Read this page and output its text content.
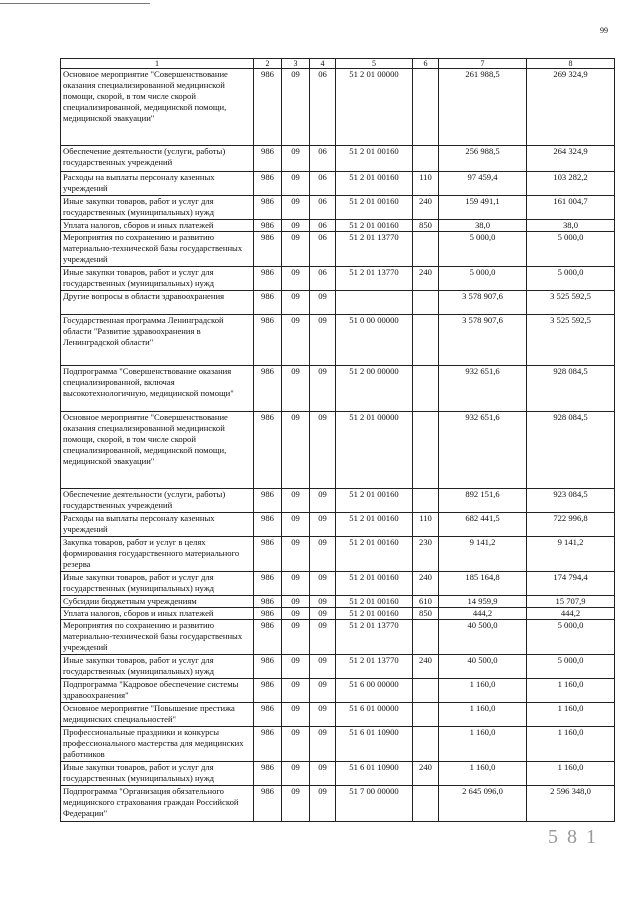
99
1	2	3	4	5	6	7	8
Основное мероприятие "Совершенствование оказания специализированной медицинской помощи, скорой, в том числе скорой специализированной, медицинской помощи, медицинской эвакуации"	986	09	06	51 2 01 00000		261 988,5	269 324,9
Обеспечение деятельности (услуги, работы) государственных учреждений	986	09	06	51 2 01 00160		256 988,5	264 324,9
Расходы на выплаты персоналу казенных учреждений	986	09	06	51 2 01 00160	110	97 459,4	103 282,2
Иные закупки товаров, работ и услуг для государственных (муниципальных) нужд	986	09	06	51 2 01 00160	240	159 491,1	161 004,7
Уплата налогов, сборов и иных платежей	986	09	06	51 2 01 00160	850	38,0	38,0
Мероприятия по сохранению и развитию материально-технической базы государственных учреждений	986	09	06	51 2 01 13770		5 000,0	5 000,0
Иные закупки товаров, работ и услуг для государственных (муниципальных) нужд	986	09	06	51 2 01 13770	240	5 000,0	5 000,0
Другие вопросы в области здравоохранения	986	09	09			3 578 907,6	3 525 592,5
Государственная программа Ленинградской области "Развитие здравоохранения в Ленинградской области"	986	09	09	51 0 00 00000		3 578 907,6	3 525 592,5
Подпрограмма "Совершенствование оказания специализированной, включая высокотехнологичную, медицинской помощи"	986	09	09	51 2 00 00000		932 651,6	928 084,5
Основное мероприятие "Совершенствование оказания специализированной медицинской помощи, скорой, в том числе скорой специализированной, медицинской помощи, медицинской эвакуации"	986	09	09	51 2 01 00000		932 651,6	928 084,5
Обеспечение деятельности (услуги, работы) государственных учреждений	986	09	09	51 2 01 00160		892 151,6	923 084,5
Расходы на выплаты персоналу казенных учреждений	986	09	09	51 2 01 00160	110	682 441,5	722 996,8
Закупка товаров, работ и услуг в целях формирования государственного материального резерва	986	09	09	51 2 01 00160	230	9 141,2	9 141,2
Иные закупки товаров, работ и услуг для государственных (муниципальных) нужд	986	09	09	51 2 01 00160	240	185 164,8	174 794,4
Субсидии бюджетным учреждениям	986	09	09	51 2 01 00160	610	14 959,9	15 707,9
Уплата налогов, сборов и иных платежей	986	09	09	51 2 01 00160	850	444,2	444,2
Мероприятия по сохранению и развитию материально-технической базы государственных учреждений	986	09	09	51 2 01 13770		40 500,0	5 000,0
Иные закупки товаров, работ и услуг для государственных (муниципальных) нужд	986	09	09	51 2 01 13770	240	40 500,0	5 000,0
Подпрограмма "Кадровое обеспечение системы здравоохранения"	986	09	09	51 6 00 00000		1 160,0	1 160,0
Основное мероприятие "Повышение престижа медицинских специальностей"	986	09	09	51 6 01 00000		1 160,0	1 160,0
Профессиональные праздники и конкурсы профессионального мастерства для медицинских работников	986	09	09	51 6 01 10900		1 160,0	1 160,0
Иные закупки товаров, работ и услуг для государственных (муниципальных) нужд	986	09	09	51 6 01 10900	240	1 160,0	1 160,0
Подпрограмма "Организация обязательного медицинского страхования граждан Российской Федерации"	986	09	09	51 7 00 00000		2 645 096,0	2 596 348,0
5 8 1
